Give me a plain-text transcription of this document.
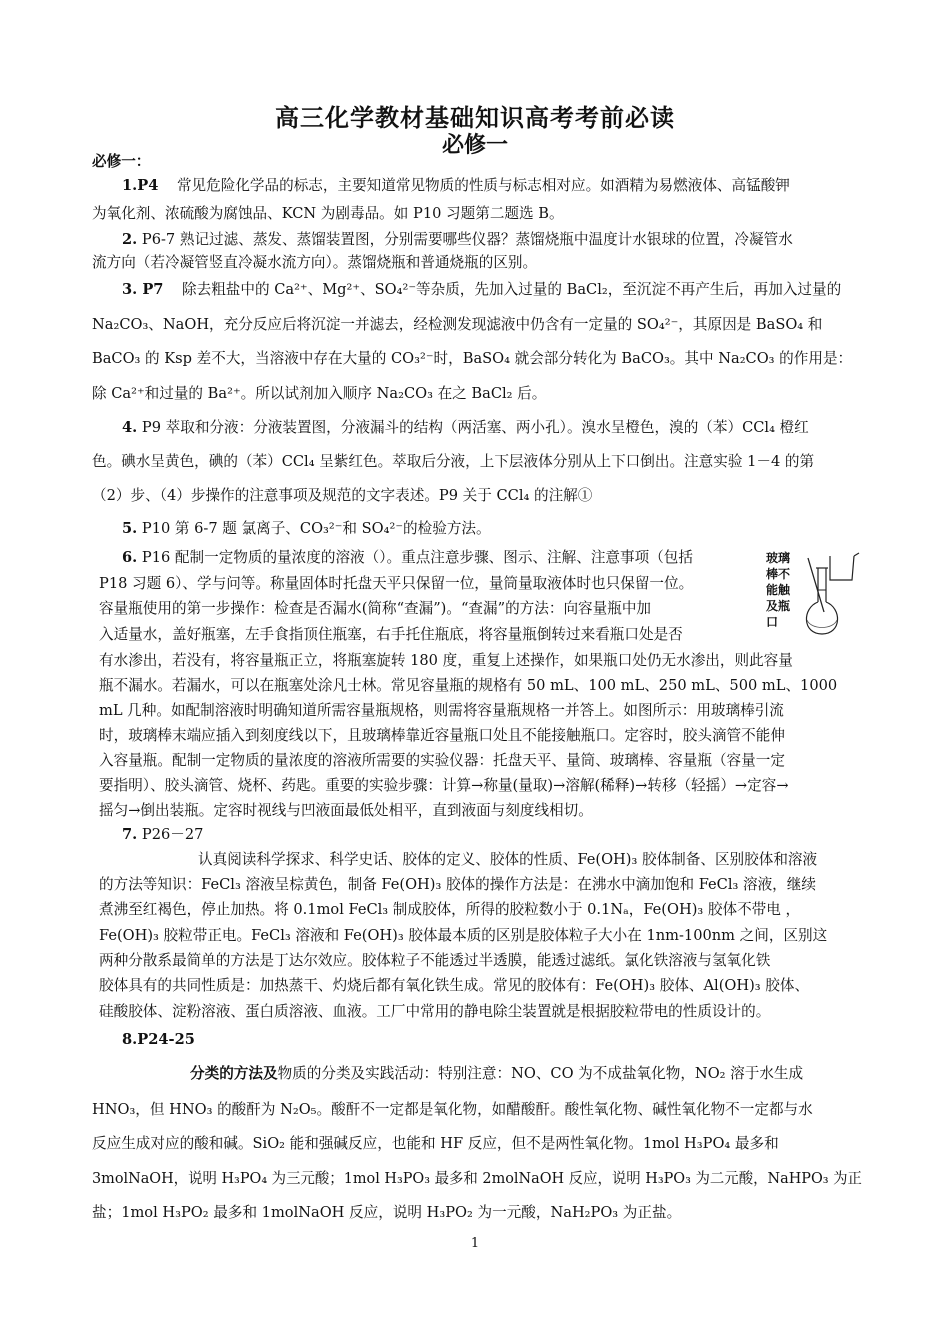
高三化学教材基础知识高考考前必读
必修一
必修一：
1.P4 常见危险化学品的标志，主要知道常见物质的性质与标志相对应。如酒精为易燃液体、高锰酸钾
为氧化剂、浓硫酸为腐蚀品、KCN 为剧毒品。如 P10 习题第二题选 B。
2. P6-7 熟记过滤、蒸发、蒸馏装置图，分别需要哪些仪器？蒸馏烧瓶中温度计水银球的位置，冷凝管水
流方向（若冷凝管竖直冷凝水流方向）。蒸馏烧瓶和普通烧瓶的区别。
3. P7 除去粗盐中的 Ca²⁺、Mg²⁺、SO₄²⁻等杂质，先加入过量的 BaCl₂，至沉淀不再产生后，再加入过量的
Na₂CO₃、NaOH，充分反应后将沉淀一并滤去，经检测发现滤液中仍含有一定量的 SO₄²⁻，其原因是 BaSO₄ 和
BaCO₃ 的 Ksp 差不大，当溶液中存在大量的 CO₃²⁻时，BaSO₄ 就会部分转化为 BaCO₃。其中 Na₂CO₃ 的作用是：
除 Ca²⁺和过量的 Ba²⁺。所以试剂加入顺序 Na₂CO₃ 在之 BaCl₂ 后。
4. P9 萃取和分液：分液装置图，分液漏斗的结构（两活塞、两小孔）。溴水呈橙色，溴的（苯）CCl₄ 橙红
色。碘水呈黄色，碘的（苯）CCl₄ 呈紫红色。萃取后分液，上下层液体分别从上下口倒出。注意实验 1－4 的第
（2）步、（4）步操作的注意事项及规范的文字表述。P9 关于 CCl₄ 的注解①
5. P10 第 6-7 题 氯离子、CO₃²⁻和 SO₄²⁻的检验方法。
6. P16 配制一定物质的量浓度的溶液（）。重点注意步骤、图示、注解、注意事项（包括
P18 习题 6）、学与问等。称量固体时托盘天平只保留一位，量筒量取液体时也只保留一位。
容量瓶使用的第一步操作：检查是否漏水(简称“查漏”)。“查漏”的方法：向容量瓶中加
入适量水，盖好瓶塞，左手食指顶住瓶塞，右手托住瓶底，将容量瓶倒转过来看瓶口处是否
有水渗出，若没有，将容量瓶正立，将瓶塞旋转 180 度，重复上述操作，如果瓶口处仍无水渗出，则此容量
瓶不漏水。若漏水，可以在瓶塞处涂凡士林。常见容量瓶的规格有 50 mL、100 mL、250 mL、500 mL、1000
mL 几种。如配制溶液时明确知道所需容量瓶规格，则需将容量瓶规格一并答上。如图所示：用玻璃棒引流
时，玻璃棒末端应插入到刻度线以下，且玻璃棒靠近容量瓶口处且不能接触瓶口。定容时，胶头滴管不能伸
入容量瓶。配制一定物质的量浓度的溶液所需要的实验仪器：托盘天平、量筒、玻璃棒、容量瓶（容量一定
要指明）、胶头滴管、烧杯、药匙。重要的实验步骤：计算→称量(量取)→溶解(稀释)→转移（轻摇）→定容→
摇匀→倒出装瓶。定容时视线与凹液面最低处相平，直到液面与刻度线相切。
玻璃棒不能触及瓶口
7. P26－27
认真阅读科学探求、科学史话、胶体的定义、胶体的性质、Fe(OH)₃ 胶体制备、区别胶体和溶液
的方法等知识：FeCl₃ 溶液呈棕黄色，制备 Fe(OH)₃ 胶体的操作方法是：在沸水中滴加饱和 FeCl₃ 溶液，继续
煮沸至红褐色，停止加热。将 0.1mol FeCl₃ 制成胶体，所得的胶粒数小于 0.1Nₐ，Fe(OH)₃ 胶体不带电 ，
Fe(OH)₃ 胶粒带正电。FeCl₃ 溶液和 Fe(OH)₃ 胶体最本质的区别是胶体粒子大小在 1nm-100nm 之间，区别这
两种分散系最简单的方法是丁达尔效应。胶体粒子不能透过半透膜，能透过滤纸。氯化铁溶液与氢氧化铁
胶体具有的共同性质是：加热蒸干、灼烧后都有氧化铁生成。常见的胶体有：Fe(OH)₃ 胶体、Al(OH)₃ 胶体、
硅酸胶体、淀粉溶液、蛋白质溶液、血液。工厂中常用的静电除尘装置就是根据胶粒带电的性质设计的。
8.P24-25
分类的方法及物质的分类及实践活动：特别注意：NO、CO 为不成盐氧化物，NO₂ 溶于水生成
HNO₃，但 HNO₃ 的酸酐为 N₂O₅。酸酐不一定都是氧化物，如醋酸酐。酸性氧化物、碱性氧化物不一定都与水
反应生成对应的酸和碱。SiO₂ 能和强碱反应，也能和 HF 反应，但不是两性氧化物。1mol H₃PO₄ 最多和
3molNaOH，说明 H₃PO₄ 为三元酸；1mol H₃PO₃ 最多和 2molNaOH 反应，说明 H₃PO₃ 为二元酸，NaHPO₃ 为正
盐；1mol H₃PO₂ 最多和 1molNaOH 反应，说明 H₃PO₂ 为一元酸，NaH₂PO₃ 为正盐。
1
